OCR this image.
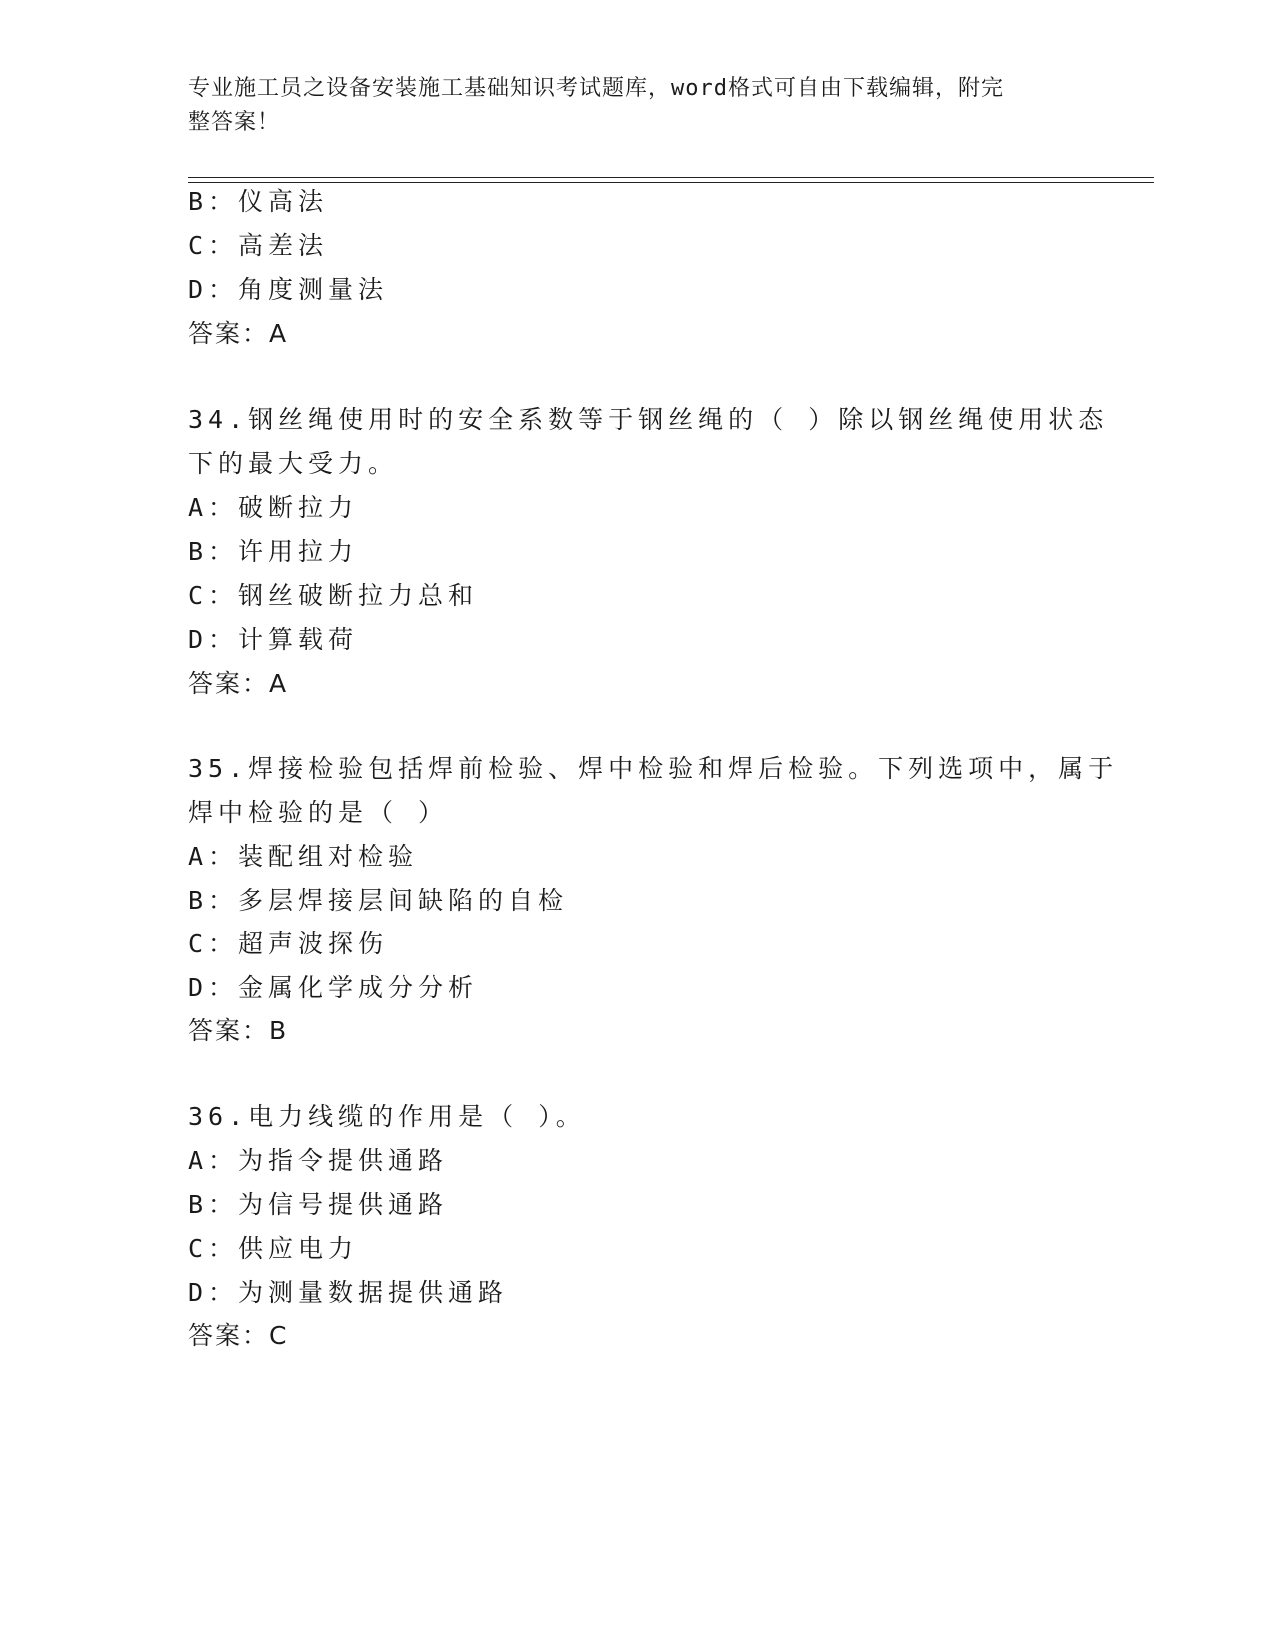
专业施工员之设备安装施工基础知识考试题库，word格式可自由下载编辑，附完
整答案！
B：仪高法
C：高差法
D：角度测量法
答案：A
34.钢丝绳使用时的安全系数等于钢丝绳的（ ）除以钢丝绳使用状态
下的最大受力。
A：破断拉力
B：许用拉力
C：钢丝破断拉力总和
D：计算载荷
答案：A
35.焊接检验包括焊前检验、焊中检验和焊后检验。下列选项中，属于
焊中检验的是（ ）
A：装配组对检验
B：多层焊接层间缺陷的自检
C：超声波探伤
D：金属化学成分分析
答案：B
36.电力线缆的作用是（ ）。
A：为指令提供通路
B：为信号提供通路
C：供应电力
D：为测量数据提供通路
答案：C
